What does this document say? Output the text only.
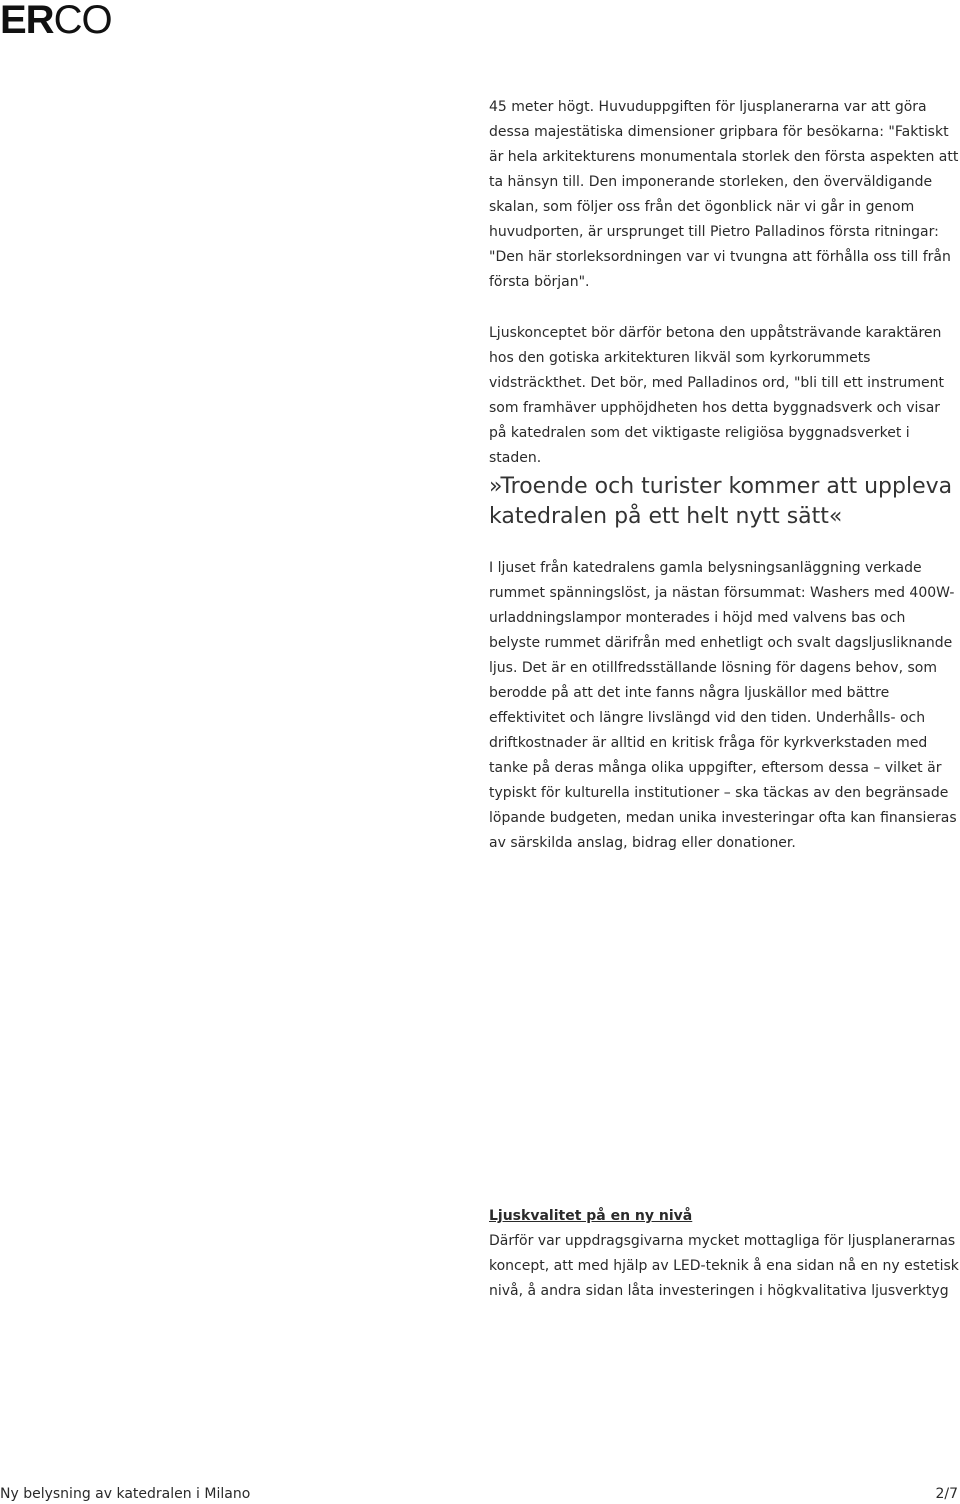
ERCO

45 meter högt. Huvuduppgiften för ljusplanerarna var att göra dessa majestätiska dimensioner gripbara för besökarna: "Faktiskt är hela arkitekturens monumentala storlek den första aspekten att ta hänsyn till. Den imponerande storleken, den överväldigande skalan, som följer oss från det ögonblick när vi går in genom huvudporten, är ursprunget till Pietro Palladinos första ritningar: "Den här storleksordningen var vi tvungna att förhålla oss till från första början".

Ljuskonceptet bör därför betona den uppåtsträvande karaktären hos den gotiska arkitekturen likväl som kyrkorummets vidsträckthet. Det bör, med Palladinos ord, "bli till ett instrument som framhäver upphöjdheten hos detta byggnadsverk och visar på katedralen som det viktigaste religiösa byggnadsverket i staden.

»Troende och turister kommer att uppleva katedralen på ett helt nytt sätt«

I ljuset från katedralens gamla belysningsanläggning verkade rummet spänningslöst, ja nästan försummat: Washers med 400W-urladdningslampor monterades i höjd med valvens bas och belyste rummet därifrån med enhetligt och svalt dagsljusliknande ljus. Det är en otillfredsställande lösning för dagens behov, som berodde på att det inte fanns några ljuskällor med bättre effektivitet och längre livslängd vid den tiden. Underhålls- och driftkostnader är alltid en kritisk fråga för kyrkverkstaden med tanke på deras många olika uppgifter, eftersom dessa – vilket är typiskt för kulturella institutioner – ska täckas av den begränsade löpande budgeten, medan unika investeringar ofta kan finansieras av särskilda anslag, bidrag eller donationer.

Ljuskvalitet på en ny nivå

Därför var uppdragsgivarna mycket mottagliga för ljusplanerarnas koncept, att med hjälp av LED-teknik å ena sidan nå en ny estetisk nivå, å andra sidan låta investeringen i högkvalitativa ljusverktyg

Ny belysning av katedralen i Milano	2/7
